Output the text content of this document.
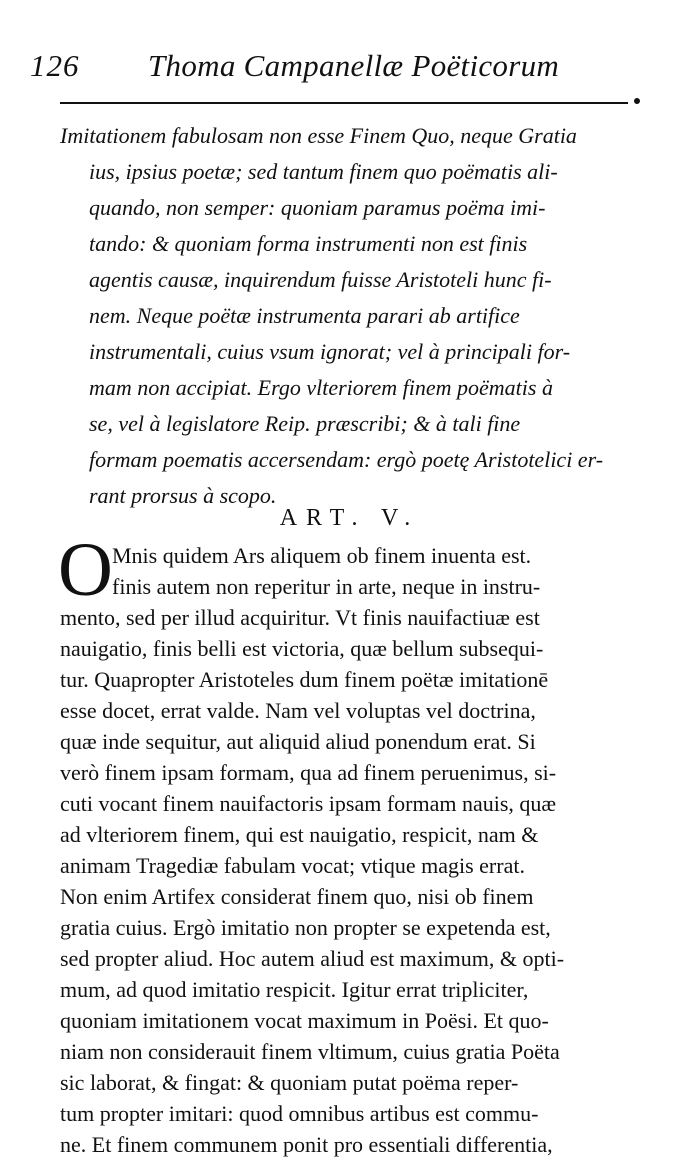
126 Thoma Campanellæ Poëticorum
Imitationem fabulosam non esse Finem Quo, neque Gratia
ius, ipsius poetæ; sed tantum finem quo poëmatis ali-
quando, non semper: quoniam paramus poëma imi-
tando: & quoniam forma instrumenti non est finis
agentis causæ, inquirendum fuisse Aristoteli hunc fi-
nem. Neque poëtæ instrumenta parari ab artifice
instrumentali, cuius vsum ignorat; vel à principali for-
mam non accipiat. Ergo vlteriorem finem poëmatis à
se, vel à legislatore Reip. præscribi; & à tali fine
formam poematis accersendam: ergò poetę Aristotelici er-
rant prorsus à scopo.
ART. V.
O Mnis quidem Ars aliquem ob finem inuenta est.
finis autem non reperitur in arte, neque in instru-
mento, sed per illud acquiritur. Vt finis nauifactiuæ est
nauigatio, finis belli est victoria, quæ bellum subsequi-
tur. Quapropter Aristoteles dum finem poëtæ imitationē
esse docet, errat valde. Nam vel voluptas vel doctrina,
quæ inde sequitur, aut aliquid aliud ponendum erat. Si
verò finem ipsam formam, qua ad finem peruenimus, si-
cuti vocant finem nauifactoris ipsam formam nauis, quæ
ad vlteriorem finem, qui est nauigatio, respicit, nam &
animam Tragediæ fabulam vocat; vtique magis errat.
Non enim Artifex considerat finem quo, nisi ob finem
gratia cuius. Ergò imitatio non propter se expetenda est,
sed propter aliud. Hoc autem aliud est maximum, & opti-
mum, ad quod imitatio respicit. Igitur errat tripliciter,
quoniam imitationem vocat maximum in Poësi. Et quo-
niam non considerauit finem vltimum, cuius gratia Poëta
sic laborat, & fingat: & quoniam putat poëma reper-
tum propter imitari: quod omnibus artibus est commu-
ne. Et finem communem ponit pro essentiali differentia,
